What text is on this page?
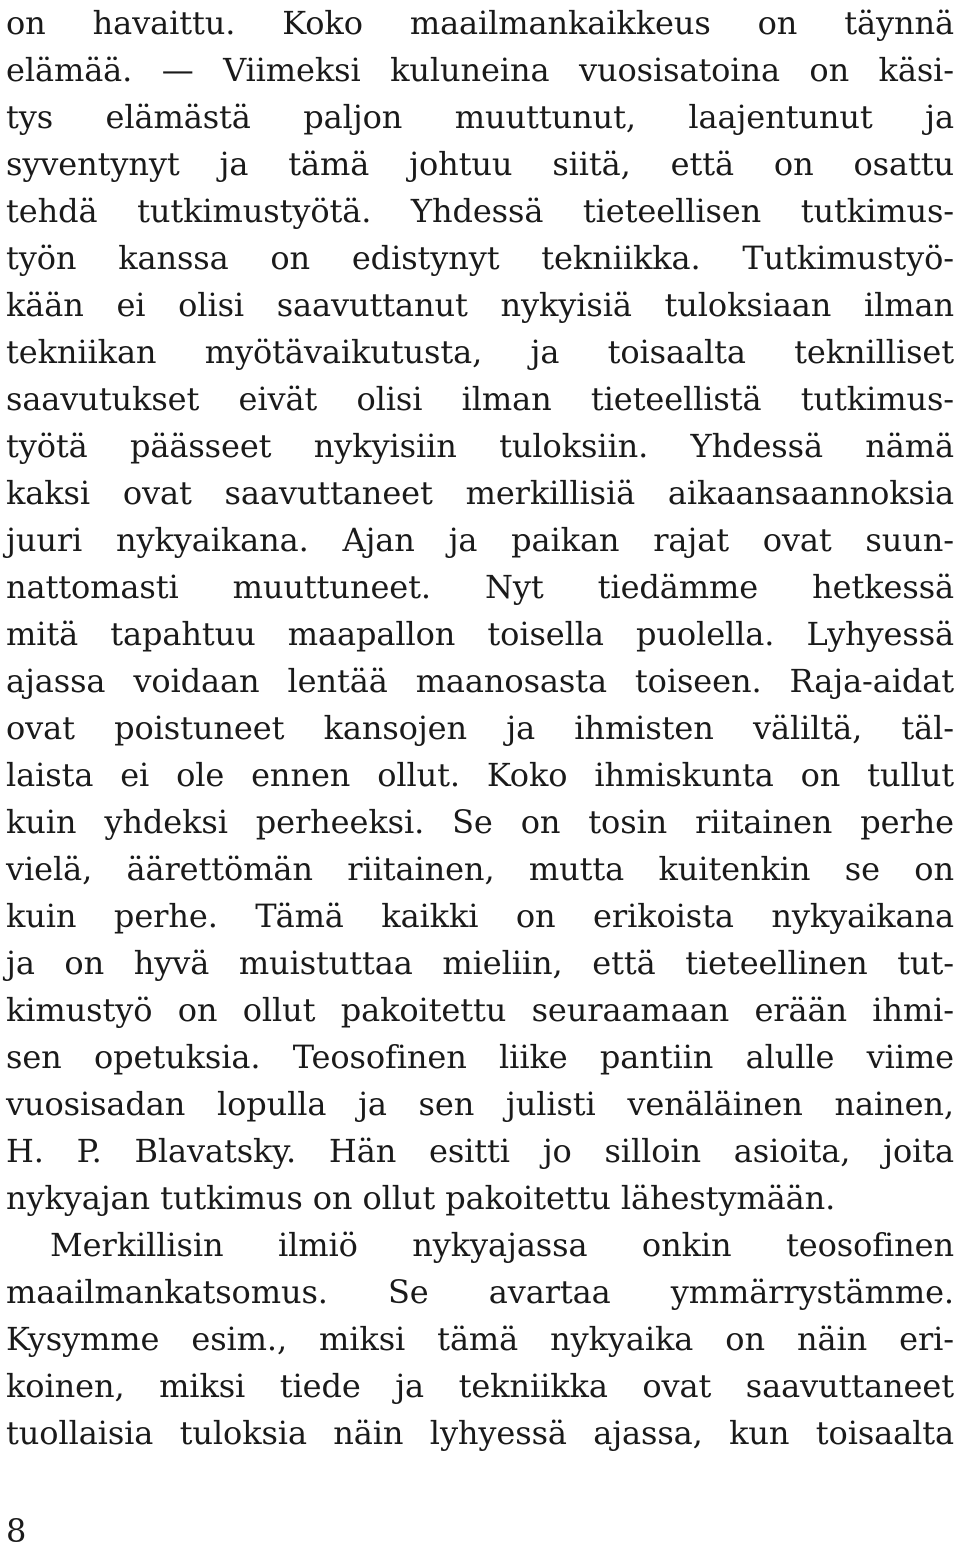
on havaittu. Koko maailmankaikkeus on täynnä
elämää. — Viimeksi kuluneina vuosisatoina on käsi-
tys elämästä paljon muuttunut, laajentunut ja
syventynyt ja tämä johtuu siitä, että on osattu
tehdä tutkimustyötä. Yhdessä tieteellisen tutkimus-
työn kanssa on edistynyt tekniikka. Tutkimustyö-
kään ei olisi saavuttanut nykyisiä tuloksiaan ilman
tekniikan myötävaikutusta, ja toisaalta teknilliset
saavutukset eivät olisi ilman tieteellistä tutkimus-
työtä päässeet nykyisiin tuloksiin. Yhdessä nämä
kaksi ovat saavuttaneet merkillisiä aikaansaannoksia
juuri nykyaikana. Ajan ja paikan rajat ovat suun-
nattomasti muuttuneet. Nyt tiedämme hetkessä
mitä tapahtuu maapallon toisella puolella. Lyhyessä
ajassa voidaan lentää maanosasta toiseen. Raja-aidat
ovat poistuneet kansojen ja ihmisten väliltä, täl-
laista ei ole ennen ollut. Koko ihmiskunta on tullut
kuin yhdeksi perheeksi. Se on tosin riitainen perhe
vielä, äärettömän riitainen, mutta kuitenkin se on
kuin perhe. Tämä kaikki on erikoista nykyaikana
ja on hyvä muistuttaa mieliin, että tieteellinen tut-
kimustyö on ollut pakoitettu seuraamaan erään ihmi-
sen opetuksia. Teosofinen liike pantiin alulle viime
vuosisadan lopulla ja sen julisti venäläinen nainen,
H. P. Blavatsky. Hän esitti jo silloin asioita, joita
nykyajan tutkimus on ollut pakoitettu lähestymään.
Merkillisin ilmiö nykyajassa onkin teosofinen
maailmankatsomus. Se avartaa ymmärrystämme.
Kysymme esim., miksi tämä nykyaika on näin eri-
koinen, miksi tiede ja tekniikka ovat saavuttaneet
tuollaisia tuloksia näin lyhyessä ajassa, kun toisaalta
8
